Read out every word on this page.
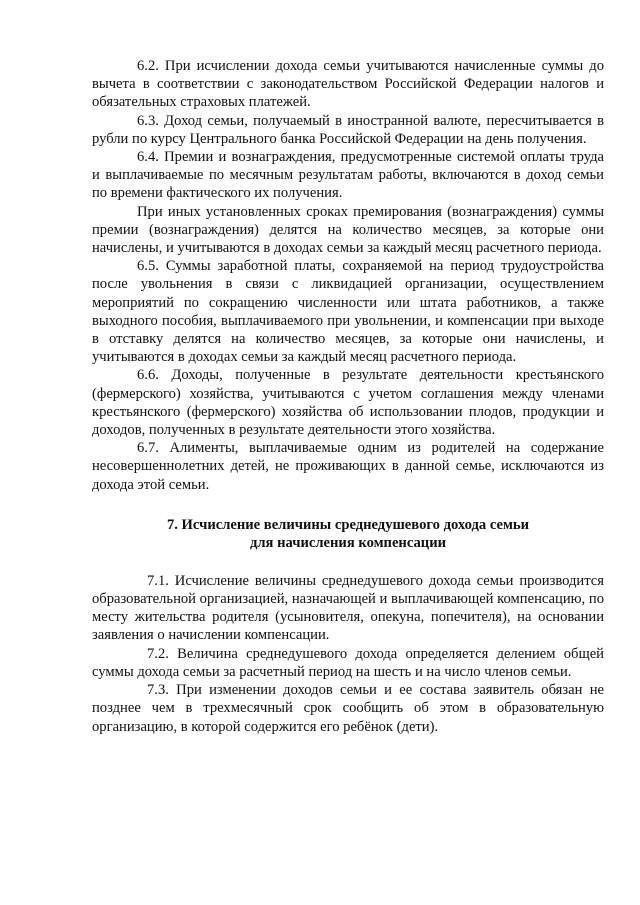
6.2. При исчислении дохода семьи учитываются начисленные суммы до вычета в соответствии с законодательством Российской Федерации налогов и обязательных страховых платежей.

6.3. Доход семьи, получаемый в иностранной валюте, пересчитывается в рубли по курсу Центрального банка Российской Федерации на день получения.

6.4. Премии и вознаграждения, предусмотренные системой оплаты труда и выплачиваемые по месячным результатам работы, включаются в доход семьи по времени фактического их получения.

При иных установленных сроках премирования (вознаграждения) суммы премии (вознаграждения) делятся на количество месяцев, за которые они начислены, и учитываются в доходах семьи за каждый месяц расчетного периода.

6.5. Суммы заработной платы, сохраняемой на период трудоустройства после увольнения в связи с ликвидацией организации, осуществлением мероприятий по сокращению численности или штата работников, а также выходного пособия, выплачиваемого при увольнении, и компенсации при выходе в отставку делятся на количество месяцев, за которые они начислены, и учитываются в доходах семьи за каждый месяц расчетного периода.

6.6. Доходы, полученные в результате деятельности крестьянского (фермерского) хозяйства, учитываются с учетом соглашения между членами крестьянского (фермерского) хозяйства об использовании плодов, продукции и доходов, полученных в результате деятельности этого хозяйства.

6.7. Алименты, выплачиваемые одним из родителей на содержание несовершеннолетних детей, не проживающих в данной семье, исключаются из дохода этой семьи.

7. Исчисление величины среднедушевого дохода семьи
для начисления компенсации

7.1. Исчисление величины среднедушевого дохода семьи производится образовательной организацией, назначающей и выплачивающей компенсацию, по месту жительства родителя (усыновителя, опекуна, попечителя), на основании заявления о начислении компенсации.

7.2. Величина среднедушевого дохода определяется делением общей суммы дохода семьи за расчетный период на шесть и на число членов семьи.

7.3. При изменении доходов семьи и ее состава заявитель обязан не позднее чем в трехмесячный срок сообщить об этом в образовательную организацию, в которой содержится его ребёнок (дети).
